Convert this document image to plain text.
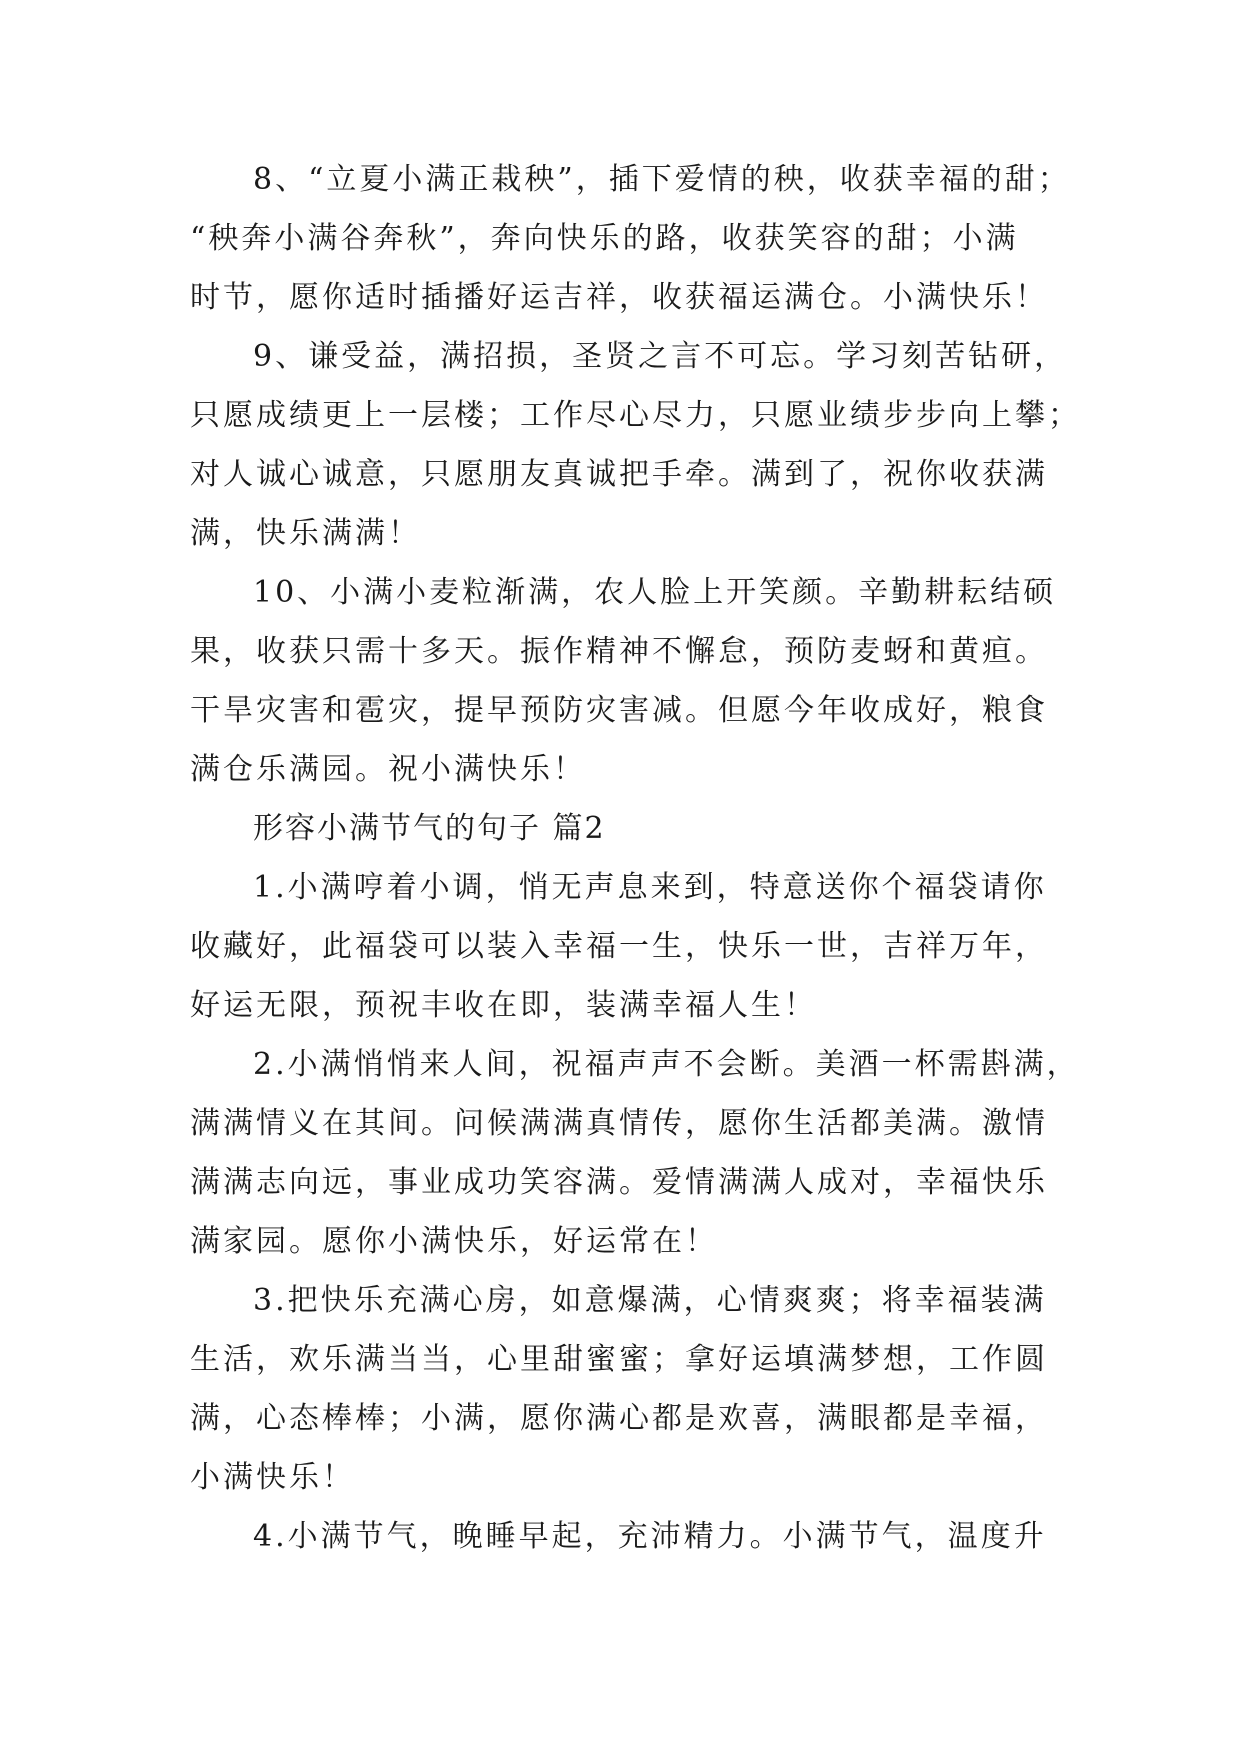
8、“立夏小满正栽秧”，插下爱情的秧，收获幸福的甜；
“秧奔小满谷奔秋”，奔向快乐的路，收获笑容的甜；小满
时节，愿你适时插播好运吉祥，收获福运满仓。小满快乐！
9、谦受益，满招损，圣贤之言不可忘。学习刻苦钻研，
只愿成绩更上一层楼；工作尽心尽力，只愿业绩步步向上攀；
对人诚心诚意，只愿朋友真诚把手牵。满到了，祝你收获满
满，快乐满满！
10、小满小麦粒渐满，农人脸上开笑颜。辛勤耕耘结硕
果，收获只需十多天。振作精神不懈怠，预防麦蚜和黄疸。
干旱灾害和雹灾，提早预防灾害减。但愿今年收成好，粮食
满仓乐满园。祝小满快乐！
形容小满节气的句子 篇2
1.小满哼着小调，悄无声息来到，特意送你个福袋请你
收藏好，此福袋可以装入幸福一生，快乐一世，吉祥万年，
好运无限，预祝丰收在即，装满幸福人生！
2.小满悄悄来人间，祝福声声不会断。美酒一杯需斟满，
满满情义在其间。问候满满真情传，愿你生活都美满。激情
满满志向远，事业成功笑容满。爱情满满人成对，幸福快乐
满家园。愿你小满快乐，好运常在！
3.把快乐充满心房，如意爆满，心情爽爽；将幸福装满
生活，欢乐满当当，心里甜蜜蜜；拿好运填满梦想，工作圆
满，心态棒棒；小满，愿你满心都是欢喜，满眼都是幸福，
小满快乐！
4.小满节气，晚睡早起，充沛精力。小满节气，温度升
